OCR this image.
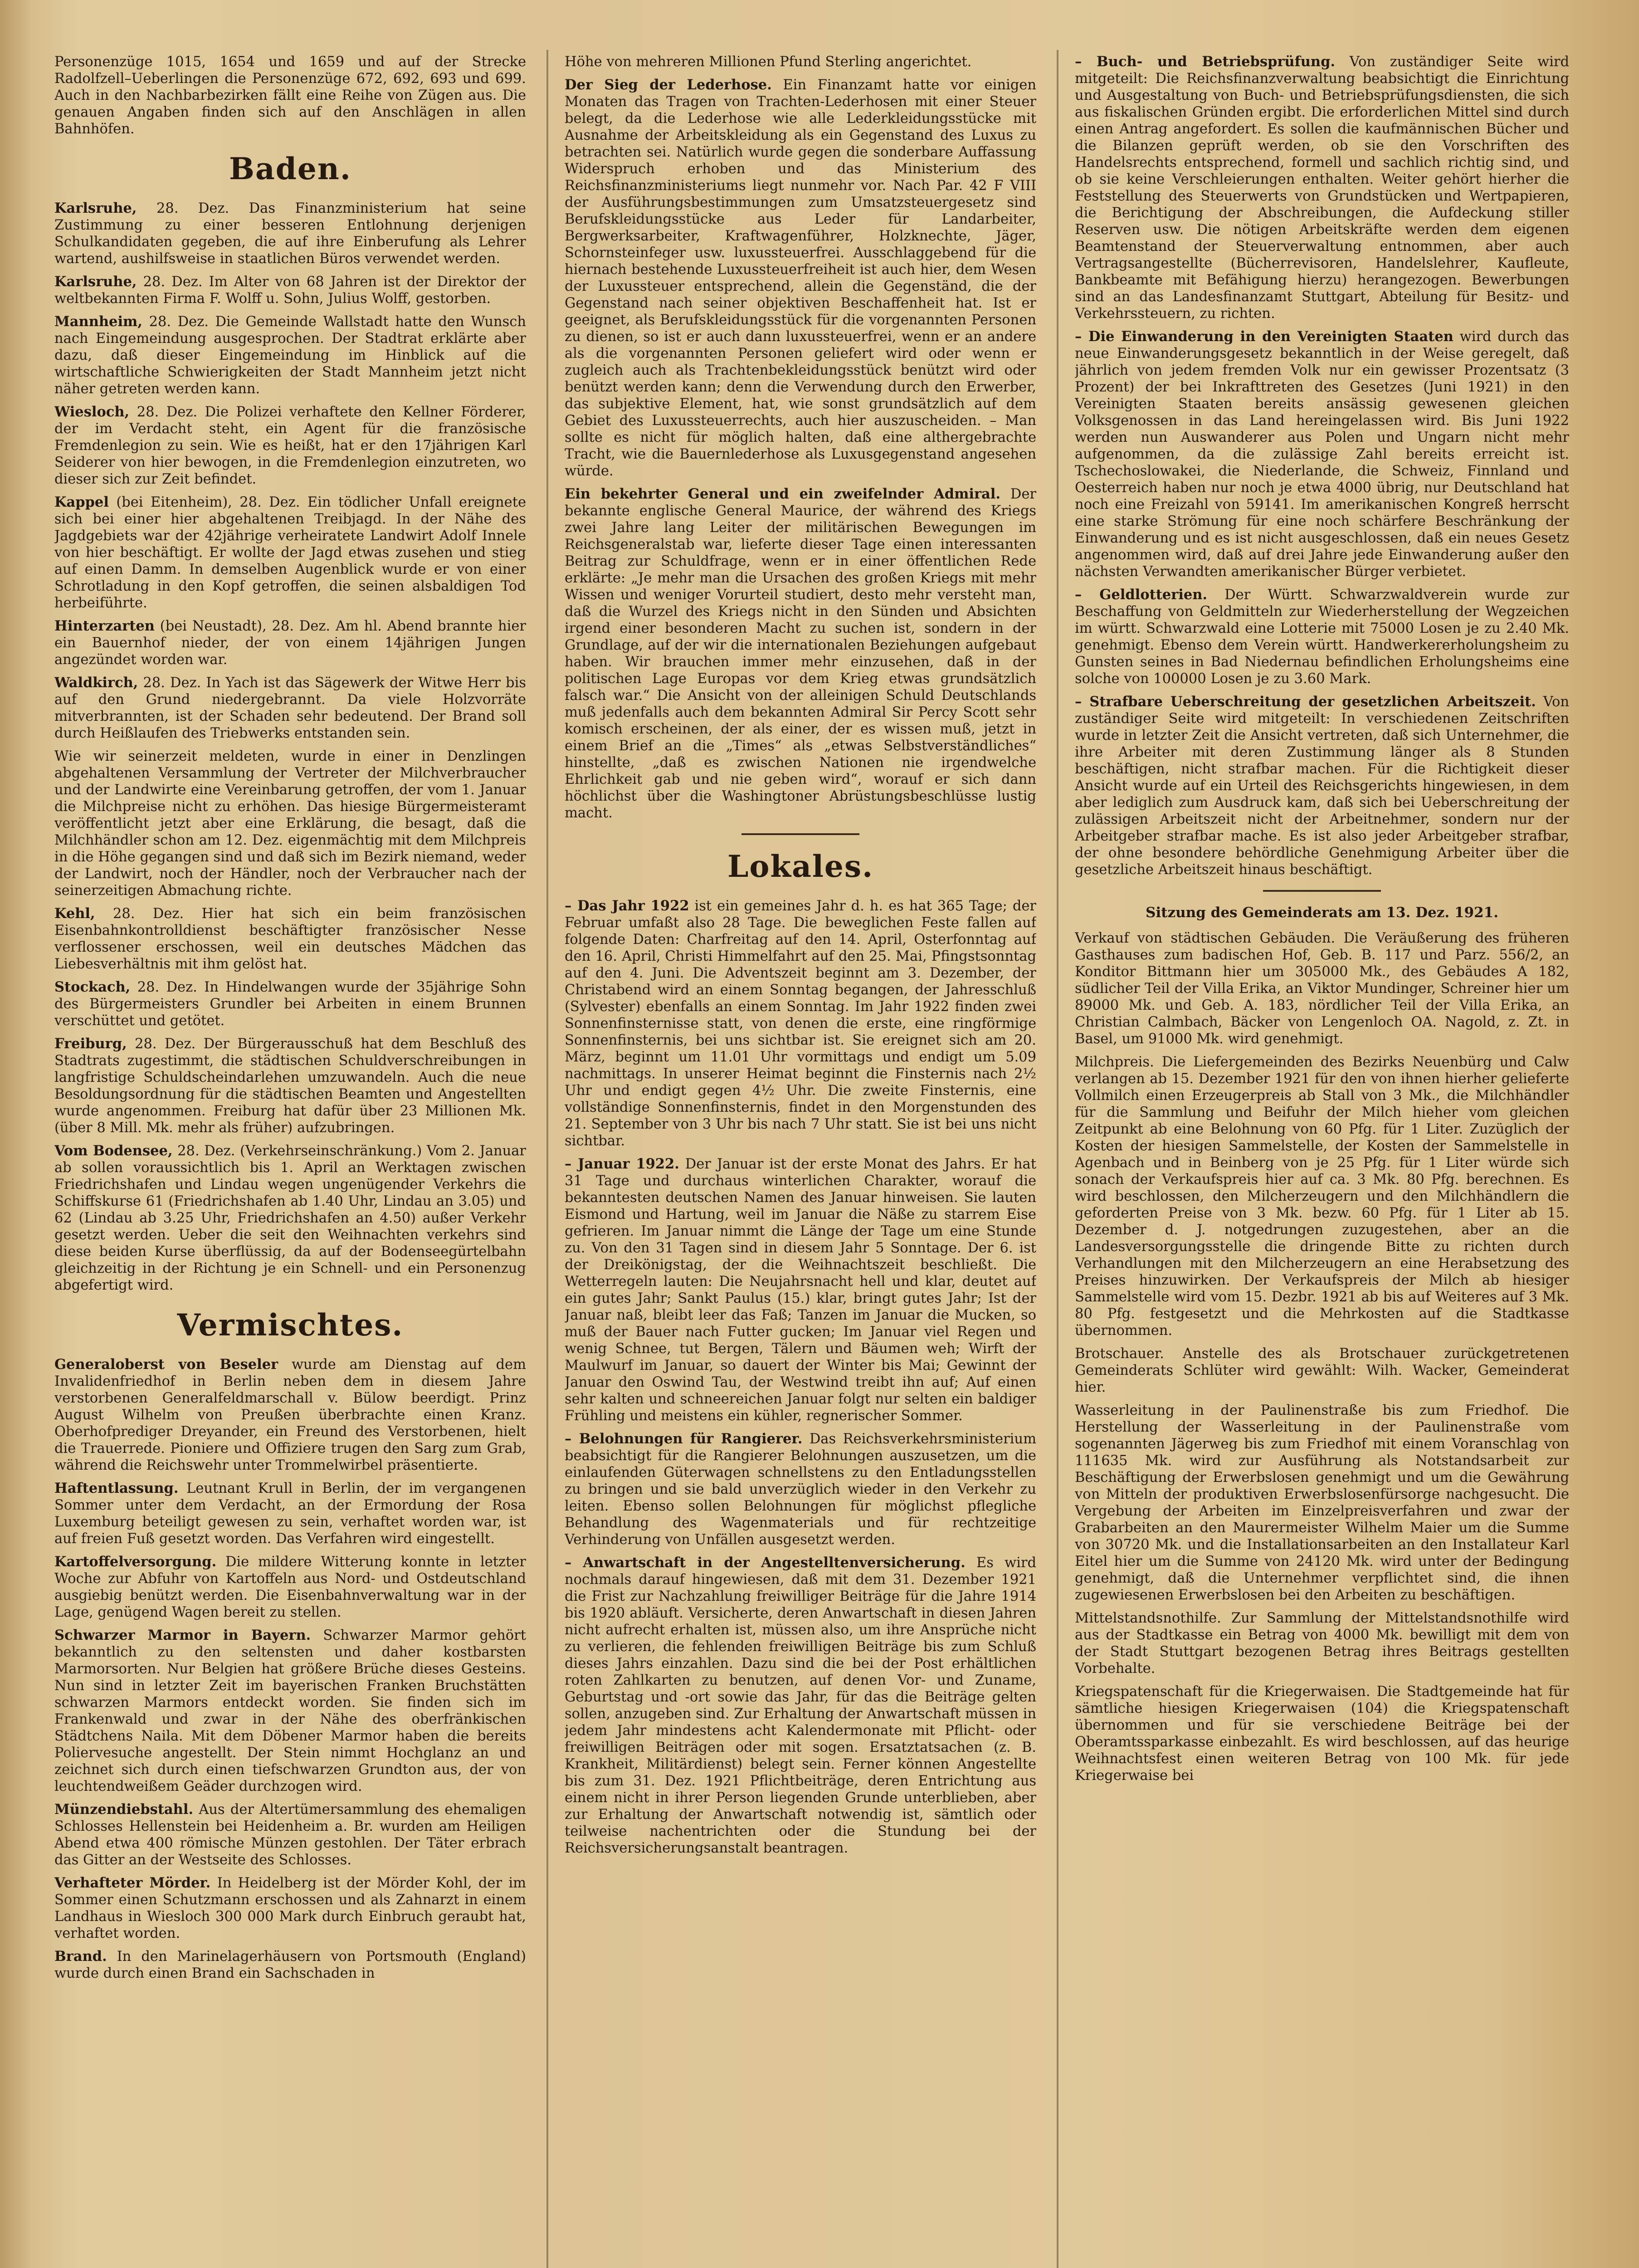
Personenzüge 1015, 1654 und 1659 und auf der Strecke Radolfzell–Ueberlingen die Personenzüge 672, 692, 693 und 699. Auch in den Nachbarbezirken fällt eine Reihe von Zügen aus. Die genauen Angaben finden sich auf den Anschlägen in allen Bahnhöfen.

Baden.

Karlsruhe, 28. Dez. Das Finanzministerium hat seine Zustimmung zu einer besseren Entlohnung derjenigen Schulkandidaten gegeben, die auf ihre Einberufung als Lehrer wartend, aushilfsweise in staatlichen Büros verwendet werden.

Karlsruhe, 28. Dez. Im Alter von 68 Jahren ist der Direktor der weltbekannten Firma F. Wolff u. Sohn, Julius Wolff, gestorben.

Mannheim, 28. Dez. Die Gemeinde Wallstadt hatte den Wunsch nach Eingemeindung ausgesprochen. Der Stadtrat erklärte aber dazu, daß dieser Eingemeindung im Hinblick auf die wirtschaftliche Schwierigkeiten der Stadt Mannheim jetzt nicht näher getreten werden kann.

Wiesloch, 28. Dez. Die Polizei verhaftete den Kellner Förderer, der im Verdacht steht, ein Agent für die französische Fremdenlegion zu sein. Wie es heißt, hat er den 17jährigen Karl Seiderer von hier bewogen, in die Fremdenlegion einzutreten, wo dieser sich zur Zeit befindet.

Kappel (bei Eitenheim), 28. Dez. Ein tödlicher Unfall ereignete sich bei einer hier abgehaltenen Treibjagd. In der Nähe des Jagdgebiets war der 42jährige verheiratete Landwirt Adolf Innele von hier beschäftigt. Er wollte der Jagd etwas zusehen und stieg auf einen Damm. In demselben Augenblick wurde er von einer Schrotladung in den Kopf getroffen, die seinen alsbaldigen Tod herbeiführte.

Hinterzarten (bei Neustadt), 28. Dez. Am hl. Abend brannte hier ein Bauernhof nieder, der von einem 14jährigen Jungen angezündet worden war.

Waldkirch, 28. Dez. In Yach ist das Sägewerk der Witwe Herr bis auf den Grund niedergebrannt. Da viele Holzvorräte mitverbrannten, ist der Schaden sehr bedeutend. Der Brand soll durch Heißlaufen des Triebwerks entstanden sein.

Wie wir seinerzeit meldeten, wurde in einer in Denzlingen abgehaltenen Versammlung der Vertreter der Milchverbraucher und der Landwirte eine Vereinbarung getroffen, der vom 1. Januar die Milchpreise nicht zu erhöhen. Das hiesige Bürgermeisteramt veröffentlicht jetzt aber eine Erklärung, die besagt, daß die Milchhändler schon am 12. Dez. eigenmächtig mit dem Milchpreis in die Höhe gegangen sind und daß sich im Bezirk niemand, weder der Landwirt, noch der Händler, noch der Verbraucher nach der seinerzeitigen Abmachung richte.

Kehl, 28. Dez. Hier hat sich ein beim französischen Eisenbahnkontrolldienst beschäftigter französischer Nesse verflossener erschossen, weil ein deutsches Mädchen das Liebesverhältnis mit ihm gelöst hat.

Stockach, 28. Dez. In Hindelwangen wurde der 35jährige Sohn des Bürgermeisters Grundler bei Arbeiten in einem Brunnen verschüttet und getötet.

Freiburg, 28. Dez. Der Bürgerausschuß hat dem Beschluß des Stadtrats zugestimmt, die städtischen Schuldverschreibungen in langfristige Schuldscheindarlehen umzuwandeln. Auch die neue Besoldungsordnung für die städtischen Beamten und Angestellten wurde angenommen. Freiburg hat dafür über 23 Millionen Mk. (über 8 Mill. Mk. mehr als früher) aufzubringen.

Vom Bodensee, 28. Dez. (Verkehrseinschränkung.) Vom 2. Januar ab sollen voraussichtlich bis 1. April an Werktagen zwischen Friedrichshafen und Lindau wegen ungenügender Verkehrs die Schiffskurse 61 (Friedrichshafen ab 1.40 Uhr, Lindau an 3.05) und 62 (Lindau ab 3.25 Uhr, Friedrichshafen an 4.50) außer Verkehr gesetzt werden. Ueber die seit den Weihnachten verkehrs sind diese beiden Kurse überflüssig, da auf der Bodenseegürtelbahn gleichzeitig in der Richtung je ein Schnell- und ein Personenzug abgefertigt wird.

Vermischtes.

Generaloberst von Beseler wurde am Dienstag auf dem Invalidenfriedhof in Berlin neben dem in diesem Jahre verstorbenen Generalfeldmarschall v. Bülow beerdigt. Prinz August Wilhelm von Preußen überbrachte einen Kranz. Oberhofprediger Dreyander, ein Freund des Verstorbenen, hielt die Trauerrede. Pioniere und Offiziere trugen den Sarg zum Grab, während die Reichswehr unter Trommelwirbel präsentierte.

Haftentlassung. Leutnant Krull in Berlin, der im vergangenen Sommer unter dem Verdacht, an der Ermordung der Rosa Luxemburg beteiligt gewesen zu sein, verhaftet worden war, ist auf freien Fuß gesetzt worden. Das Verfahren wird eingestellt.

Kartoffelversorgung. Die mildere Witterung konnte in letzter Woche zur Abfuhr von Kartoffeln aus Nord- und Ostdeutschland ausgiebig benützt werden. Die Eisenbahnverwaltung war in der Lage, genügend Wagen bereit zu stellen.

Schwarzer Marmor in Bayern. Schwarzer Marmor gehört bekanntlich zu den seltensten und daher kostbarsten Marmorsorten. Nur Belgien hat größere Brüche dieses Gesteins. Nun sind in letzter Zeit im bayerischen Franken Bruchstätten schwarzen Marmors entdeckt worden. Sie finden sich im Frankenwald und zwar in der Nähe des oberfränkischen Städtchens Naila. Mit dem Döbener Marmor haben die bereits Poliervesuche angestellt. Der Stein nimmt Hochglanz an und zeichnet sich durch einen tiefschwarzen Grundton aus, der von leuchtendweißem Geäder durchzogen wird.

Münzendiebstahl. Aus der Altertümersammlung des ehemaligen Schlosses Hellenstein bei Heidenheim a. Br. wurden am Heiligen Abend etwa 400 römische Münzen gestohlen. Der Täter erbrach das Gitter an der Westseite des Schlosses.

Verhafteter Mörder. In Heidelberg ist der Mörder Kohl, der im Sommer einen Schutzmann erschossen und als Zahnarzt in einem Landhaus in Wiesloch 300 000 Mark durch Einbruch geraubt hat, verhaftet worden.

Brand. In den Marinelagerhäusern von Portsmouth (England) wurde durch einen Brand ein Sachschaden in

Höhe von mehreren Millionen Pfund Sterling angerichtet.

Der Sieg der Lederhose. Ein Finanzamt hatte vor einigen Monaten das Tragen von Trachten-Lederhosen mit einer Steuer belegt, da die Lederhose wie alle Lederkleidungsstücke mit Ausnahme der Arbeitskleidung als ein Gegenstand des Luxus zu betrachten sei. Natürlich wurde gegen die sonderbare Auffassung Widerspruch erhoben und das Ministerium des Reichsfinanzministeriums liegt nunmehr vor. Nach Par. 42 F VIII der Ausführungsbestimmungen zum Umsatzsteuergesetz sind Berufskleidungsstücke aus Leder für Landarbeiter, Bergwerksarbeiter, Kraftwagenführer, Holzknechte, Jäger, Schornsteinfeger usw. luxussteuerfrei. Ausschlaggebend für die hiernach bestehende Luxussteuerfreiheit ist auch hier, dem Wesen der Luxussteuer entsprechend, allein die Gegenständ, die der Gegenstand nach seiner objektiven Beschaffenheit hat. Ist er geeignet, als Berufskleidungsstück für die vorgenannten Personen zu dienen, so ist er auch dann luxussteuerfrei, wenn er an andere als die vorgenannten Personen geliefert wird oder wenn er zugleich auch als Trachtenbekleidungsstück benützt wird oder benützt werden kann; denn die Verwendung durch den Erwerber, das subjektive Element, hat, wie sonst grundsätzlich auf dem Gebiet des Luxussteuerrechts, auch hier auszuscheiden. – Man sollte es nicht für möglich halten, daß eine althergebrachte Tracht, wie die Bauernlederhose als Luxusgegenstand angesehen würde.

Ein bekehrter General und ein zweifelnder Admiral. Der bekannte englische General Maurice, der während des Kriegs zwei Jahre lang Leiter der militärischen Bewegungen im Reichsgeneralstab war, lieferte dieser Tage einen interessanten Beitrag zur Schuldfrage, wenn er in einer öffentlichen Rede erklärte: „Je mehr man die Ursachen des großen Kriegs mit mehr Wissen und weniger Vorurteil studiert, desto mehr versteht man, daß die Wurzel des Kriegs nicht in den Sünden und Absichten irgend einer besonderen Macht zu suchen ist, sondern in der Grundlage, auf der wir die internationalen Beziehungen aufgebaut haben. Wir brauchen immer mehr einzusehen, daß in der politischen Lage Europas vor dem Krieg etwas grundsätzlich falsch war.“ Die Ansicht von der alleinigen Schuld Deutschlands muß jedenfalls auch dem bekannten Admiral Sir Percy Scott sehr komisch erscheinen, der als einer, der es wissen muß, jetzt in einem Brief an die „Times“ als „etwas Selbstverständliches“ hinstellte, „daß es zwischen Nationen nie irgendwelche Ehrlichkeit gab und nie geben wird“, worauf er sich dann höchlichst über die Washingtoner Abrüstungsbeschlüsse lustig macht.

Lokales.

– Das Jahr 1922 ist ein gemeines Jahr d. h. es hat 365 Tage; der Februar umfaßt also 28 Tage. Die beweglichen Feste fallen auf folgende Daten: Charfreitag auf den 14. April, Osterfonntag auf den 16. April, Christi Himmelfahrt auf den 25. Mai, Pfingstsonntag auf den 4. Juni. Die Adventszeit beginnt am 3. Dezember, der Christabend wird an einem Sonntag begangen, der Jahresschluß (Sylvester) ebenfalls an einem Sonntag. Im Jahr 1922 finden zwei Sonnenfinsternisse statt, von denen die erste, eine ringförmige Sonnenfinsternis, bei uns sichtbar ist. Sie ereignet sich am 20. März, beginnt um 11.01 Uhr vormittags und endigt um 5.09 nachmittags. In unserer Heimat beginnt die Finsternis nach 2½ Uhr und endigt gegen 4½ Uhr. Die zweite Finsternis, eine vollständige Sonnenfinsternis, findet in den Morgenstunden des 21. September von 3 Uhr bis nach 7 Uhr statt. Sie ist bei uns nicht sichtbar.

– Januar 1922. Der Januar ist der erste Monat des Jahrs. Er hat 31 Tage und durchaus winterlichen Charakter, worauf die bekanntesten deutschen Namen des Januar hinweisen. Sie lauten Eismond und Hartung, weil im Januar die Näße zu starrem Eise gefrieren. Im Januar nimmt die Länge der Tage um eine Stunde zu. Von den 31 Tagen sind in diesem Jahr 5 Sonntage. Der 6. ist der Dreikönigstag, der die Weihnachtszeit beschließt. Die Wetterregeln lauten: Die Neujahrsnacht hell und klar, deutet auf ein gutes Jahr; Sankt Paulus (15.) klar, bringt gutes Jahr; Ist der Januar naß, bleibt leer das Faß; Tanzen im Januar die Mucken, so muß der Bauer nach Futter gucken; Im Januar viel Regen und wenig Schnee, tut Bergen, Tälern und Bäumen weh; Wirft der Maulwurf im Januar, so dauert der Winter bis Mai; Gewinnt der Januar den Oswind Tau, der Westwind treibt ihn auf; Auf einen sehr kalten und schneereichen Januar folgt nur selten ein baldiger Frühling und meistens ein kühler, regnerischer Sommer.

– Belohnungen für Rangierer. Das Reichsverkehrsministerium beabsichtigt für die Rangierer Belohnungen auszusetzen, um die einlaufenden Güterwagen schnellstens zu den Entladungsstellen zu bringen und sie bald unverzüglich wieder in den Verkehr zu leiten. Ebenso sollen Belohnungen für möglichst pflegliche Behandlung des Wagenmaterials und für rechtzeitige Verhinderung von Unfällen ausgesetzt werden.

– Anwartschaft in der Angestelltenversicherung. Es wird nochmals darauf hingewiesen, daß mit dem 31. Dezember 1921 die Frist zur Nachzahlung freiwilliger Beiträge für die Jahre 1914 bis 1920 abläuft. Versicherte, deren Anwartschaft in diesen Jahren nicht aufrecht erhalten ist, müssen also, um ihre Ansprüche nicht zu verlieren, die fehlenden freiwilligen Beiträge bis zum Schluß dieses Jahrs einzahlen. Dazu sind die bei der Post erhältlichen roten Zahlkarten zu benutzen, auf denen Vor- und Zuname, Geburtstag und -ort sowie das Jahr, für das die Beiträge gelten sollen, anzugeben sind. Zur Erhaltung der Anwartschaft müssen in jedem Jahr mindestens acht Kalendermonate mit Pflicht- oder freiwilligen Beiträgen oder mit sogen. Ersatztatsachen (z. B. Krankheit, Militärdienst) belegt sein. Ferner können Angestellte bis zum 31. Dez. 1921 Pflichtbeiträge, deren Entrichtung aus einem nicht in ihrer Person liegenden Grunde unterblieben, aber zur Erhaltung der Anwartschaft notwendig ist, sämtlich oder teilweise nachentrichten oder die Stundung bei der Reichsversicherungsanstalt beantragen.

– Buch- und Betriebsprüfung. Von zuständiger Seite wird mitgeteilt: Die Reichsfinanzverwaltung beabsichtigt die Einrichtung und Ausgestaltung von Buch- und Betriebsprüfungsdiensten, die sich aus fiskalischen Gründen ergibt. Die erforderlichen Mittel sind durch einen Antrag angefordert. Es sollen die kaufmännischen Bücher und die Bilanzen geprüft werden, ob sie den Vorschriften des Handelsrechts entsprechend, formell und sachlich richtig sind, und ob sie keine Verschleierungen enthalten. Weiter gehört hierher die Feststellung des Steuerwerts von Grundstücken und Wertpapieren, die Berichtigung der Abschreibungen, die Aufdeckung stiller Reserven usw. Die nötigen Arbeitskräfte werden dem eigenen Beamtenstand der Steuerverwaltung entnommen, aber auch Vertragsangestellte (Bücherrevisoren, Handelslehrer, Kaufleute, Bankbeamte mit Befähigung hierzu) herangezogen. Bewerbungen sind an das Landesfinanzamt Stuttgart, Abteilung für Besitz- und Verkehrssteuern, zu richten.

– Die Einwanderung in den Vereinigten Staaten wird durch das neue Einwanderungsgesetz bekanntlich in der Weise geregelt, daß jährlich von jedem fremden Volk nur ein gewisser Prozentsatz (3 Prozent) der bei Inkrafttreten des Gesetzes (Juni 1921) in den Vereinigten Staaten bereits ansässig gewesenen gleichen Volksgenossen in das Land hereingelassen wird. Bis Juni 1922 werden nun Auswanderer aus Polen und Ungarn nicht mehr aufgenommen, da die zulässige Zahl bereits erreicht ist. Tschechoslowakei, die Niederlande, die Schweiz, Finnland und Oesterreich haben nur noch je etwa 4000 übrig, nur Deutschland hat noch eine Freizahl von 59141. Im amerikanischen Kongreß herrscht eine starke Strömung für eine noch schärfere Beschränkung der Einwanderung und es ist nicht ausgeschlossen, daß ein neues Gesetz angenommen wird, daß auf drei Jahre jede Einwanderung außer den nächsten Verwandten amerikanischer Bürger verbietet.

– Geldlotterien. Der Württ. Schwarzwaldverein wurde zur Beschaffung von Geldmitteln zur Wiederherstellung der Wegzeichen im württ. Schwarzwald eine Lotterie mit 75000 Losen je zu 2.40 Mk. genehmigt. Ebenso dem Verein württ. Handwerkererholungsheim zu Gunsten seines in Bad Niedernau befindlichen Erholungsheims eine solche von 100000 Losen je zu 3.60 Mark.

– Strafbare Ueberschreitung der gesetzlichen Arbeitszeit. Von zuständiger Seite wird mitgeteilt: In verschiedenen Zeitschriften wurde in letzter Zeit die Ansicht vertreten, daß sich Unternehmer, die ihre Arbeiter mit deren Zustimmung länger als 8 Stunden beschäftigen, nicht strafbar machen. Für die Richtigkeit dieser Ansicht wurde auf ein Urteil des Reichsgerichts hingewiesen, in dem aber lediglich zum Ausdruck kam, daß sich bei Ueberschreitung der zulässigen Arbeitszeit nicht der Arbeitnehmer, sondern nur der Arbeitgeber strafbar mache. Es ist also jeder Arbeitgeber strafbar, der ohne besondere behördliche Genehmigung Arbeiter über die gesetzliche Arbeitszeit hinaus beschäftigt.

Sitzung des Gemeinderats am 13. Dez. 1921.

Verkauf von städtischen Gebäuden. Die Veräußerung des früheren Gasthauses zum badischen Hof, Geb. B. 117 und Parz. 556/2, an Konditor Bittmann hier um 305000 Mk., des Gebäudes A 182, südlicher Teil der Villa Erika, an Viktor Mundinger, Schreiner hier um 89000 Mk. und Geb. A. 183, nördlicher Teil der Villa Erika, an Christian Calmbach, Bäcker von Lengenloch OA. Nagold, z. Zt. in Basel, um 91000 Mk. wird genehmigt.

Milchpreis. Die Liefergemeinden des Bezirks Neuenbürg und Calw verlangen ab 15. Dezember 1921 für den von ihnen hierher gelieferte Vollmilch einen Erzeugerpreis ab Stall von 3 Mk., die Milchhändler für die Sammlung und Beifuhr der Milch hieher vom gleichen Zeitpunkt ab eine Belohnung von 60 Pfg. für 1 Liter. Zuzüglich der Kosten der hiesigen Sammelstelle, der Kosten der Sammelstelle in Agenbach und in Beinberg von je 25 Pfg. für 1 Liter würde sich sonach der Verkaufspreis hier auf ca. 3 Mk. 80 Pfg. berechnen. Es wird beschlossen, den Milcherzeugern und den Milchhändlern die geforderten Preise von 3 Mk. bezw. 60 Pfg. für 1 Liter ab 15. Dezember d. J. notgedrungen zuzugestehen, aber an die Landesversorgungsstelle die dringende Bitte zu richten durch Verhandlungen mit den Milcherzeugern an eine Herabsetzung des Preises hinzuwirken. Der Verkaufspreis der Milch ab hiesiger Sammelstelle wird vom 15. Dezbr. 1921 ab bis auf Weiteres auf 3 Mk. 80 Pfg. festgesetzt und die Mehrkosten auf die Stadtkasse übernommen.

Brotschauer. Anstelle des als Brotschauer zurückgetretenen Gemeinderats Schlüter wird gewählt: Wilh. Wacker, Gemeinderat hier.

Wasserleitung in der Paulinenstraße bis zum Friedhof. Die Herstellung der Wasserleitung in der Paulinenstraße vom sogenannten Jägerweg bis zum Friedhof mit einem Voranschlag von 111635 Mk. wird zur Ausführung als Notstandsarbeit zur Beschäftigung der Erwerbslosen genehmigt und um die Gewährung von Mitteln der produktiven Erwerbslosenfürsorge nachgesucht. Die Vergebung der Arbeiten im Einzelpreisverfahren und zwar der Grabarbeiten an den Maurermeister Wilhelm Maier um die Summe von 30720 Mk. und die Installationsarbeiten an den Installateur Karl Eitel hier um die Summe von 24120 Mk. wird unter der Bedingung genehmigt, daß die Unternehmer verpflichtet sind, die ihnen zugewiesenen Erwerbslosen bei den Arbeiten zu beschäftigen.

Mittelstandsnothilfe. Zur Sammlung der Mittelstandsnothilfe wird aus der Stadtkasse ein Betrag von 4000 Mk. bewilligt mit dem von der Stadt Stuttgart bezogenen Betrag ihres Beitrags gestellten Vorbehalte.

Kriegspatenschaft für die Kriegerwaisen. Die Stadtgemeinde hat für sämtliche hiesigen Kriegerwaisen (104) die Kriegspatenschaft übernommen und für sie verschiedene Beiträge bei der Oberamtssparkasse einbezahlt. Es wird beschlossen, auf das heurige Weihnachtsfest einen weiteren Betrag von 100 Mk. für jede Kriegerwaise bei
